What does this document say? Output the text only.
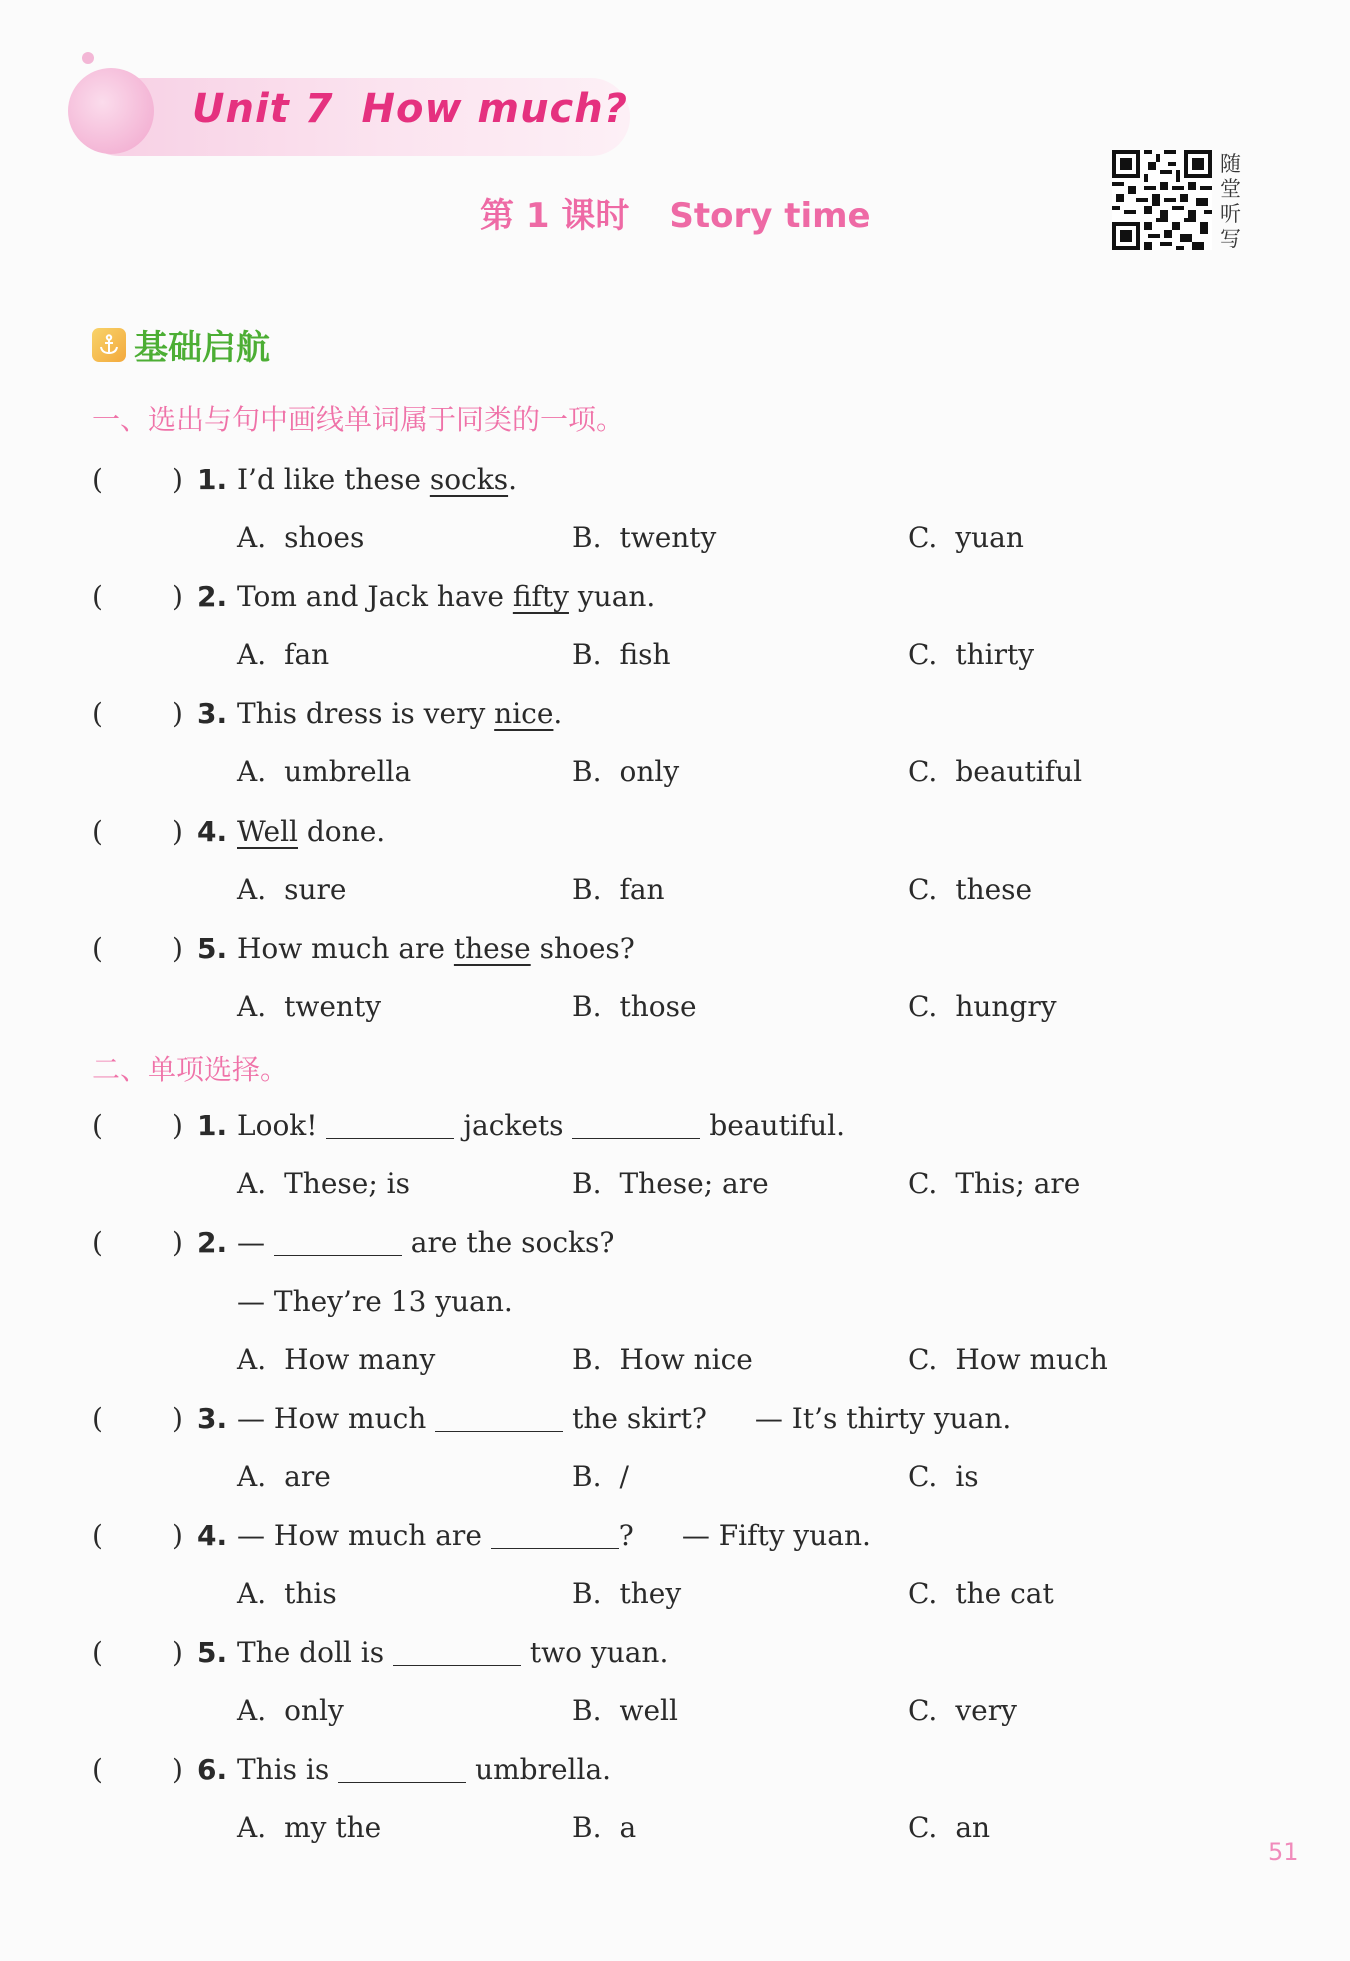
Unit 7 How much?
第 1 课时 Story time
随堂听写
基础启航
一、选出与句中画线单词属于同类的一项。
( ) 1. I’d like these socks.
A. shoes	B. twenty	C. yuan
( ) 2. Tom and Jack have fifty yuan.
A. fan	B. fish	C. thirty
( ) 3. This dress is very nice.
A. umbrella	B. only	C. beautiful
( ) 4. Well done.
A. sure	B. fan	C. these
( ) 5. How much are these shoes?
A. twenty	B. those	C. hungry
二、单项选择。
( ) 1. Look!	jackets	beautiful.
A. These; is	B. These; are	C. This; are
( ) 2. —	are the socks?
— They’re 13 yuan.
A. How many	B. How nice	C. How much
( ) 3. — How much	the skirt? — It’s thirty yuan.
A. are	B. /	C. is
( ) 4. — How much are	? — Fifty yuan.
A. this	B. they	C. the cat
( ) 5. The doll is	two yuan.
A. only	B. well	C. very
( ) 6. This is	umbrella.
A. my the	B. a	C. an
51
